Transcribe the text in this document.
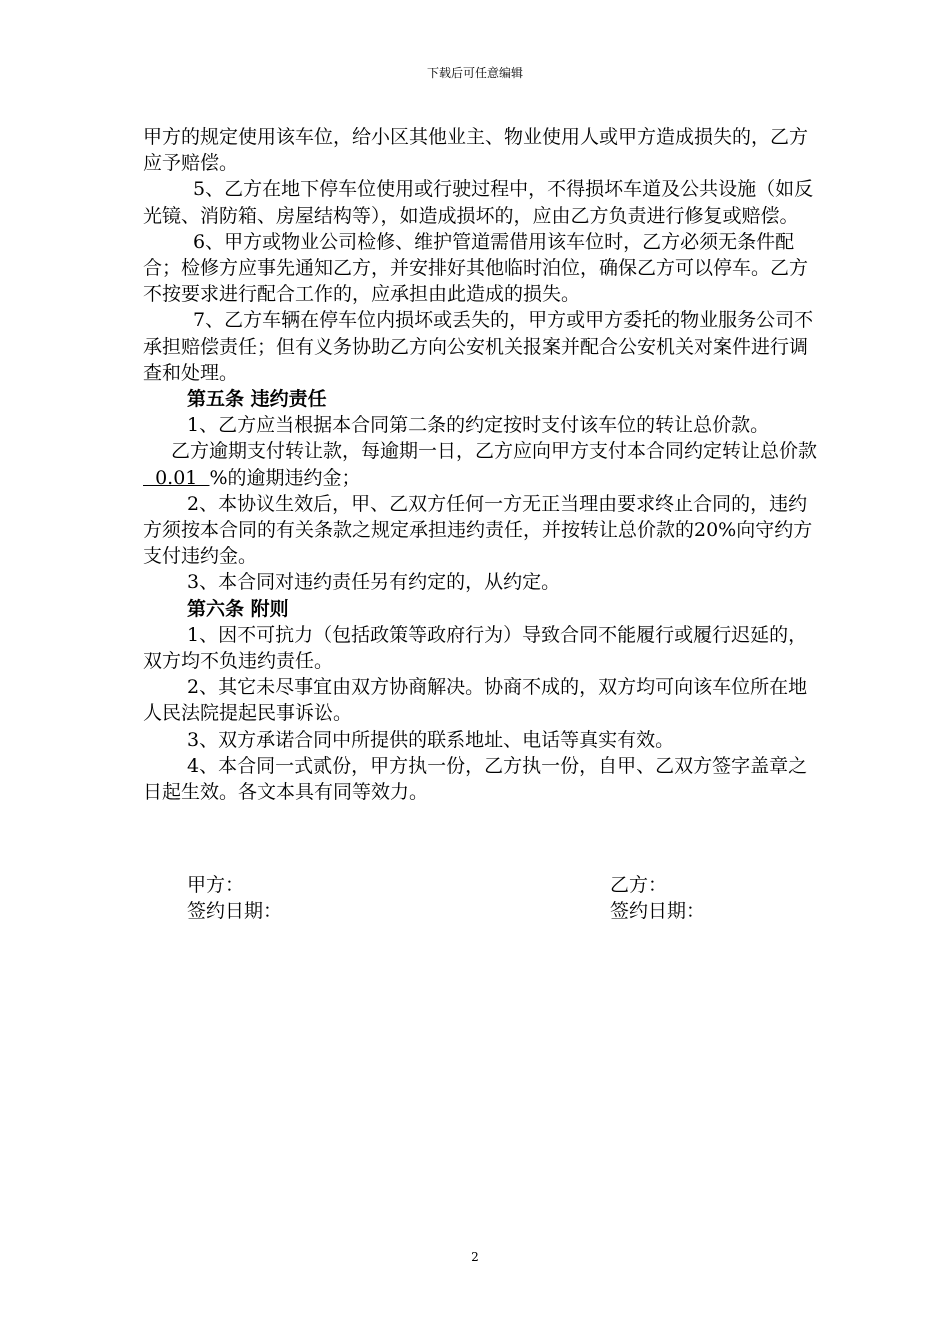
下载后可任意编辑

甲方的规定使用该车位，给小区其他业主、物业使用人或甲方造成损失的，乙方应予赔偿。

5、乙方在地下停车位使用或行驶过程中，不得损坏车道及公共设施（如反光镜、消防箱、房屋结构等），如造成损坏的，应由乙方负责进行修复或赔偿。

6、甲方或物业公司检修、维护管道需借用该车位时，乙方必须无条件配合；检修方应事先通知乙方，并安排好其他临时泊位，确保乙方可以停车。乙方不按要求进行配合工作的，应承担由此造成的损失。

7、乙方车辆在停车位内损坏或丢失的，甲方或甲方委托的物业服务公司不承担赔偿责任；但有义务协助乙方向公安机关报案并配合公安机关对案件进行调查和处理。

第五条 违约责任

1、乙方应当根据本合同第二条的约定按时支付该车位的转让总价款。

乙方逾期支付转让款，每逾期一日，乙方应向甲方支付本合同约定转让总价款  0.01  %的逾期违约金；

2、本协议生效后，甲、乙双方任何一方无正当理由要求终止合同的，违约方须按本合同的有关条款之规定承担违约责任，并按转让总价款的20%向守约方支付违约金。

3、本合同对违约责任另有约定的，从约定。

第六条 附则

1、因不可抗力（包括政策等政府行为）导致合同不能履行或履行迟延的，双方均不负违约责任。

2、其它未尽事宜由双方协商解决。协商不成的，双方均可向该车位所在地人民法院提起民事诉讼。

3、双方承诺合同中所提供的联系地址、电话等真实有效。

4、本合同一式贰份，甲方执一份，乙方执一份，自甲、乙双方签字盖章之日起生效。各文本具有同等效力。

甲方：	乙方：
签约日期：	签约日期：
2
